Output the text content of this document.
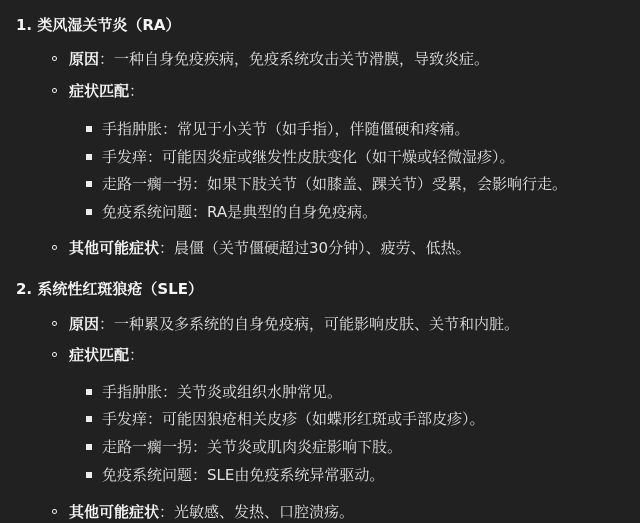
1. 类风湿关节炎（RA）
原因：一种自身免疫疾病，免疫系统攻击关节滑膜，导致炎症。
症状匹配：
手指肿胀：常见于小关节（如手指），伴随僵硬和疼痛。
手发痒：可能因炎症或继发性皮肤变化（如干燥或轻微湿疹）。
走路一瘸一拐：如果下肢关节（如膝盖、踝关节）受累，会影响行走。
免疫系统问题：RA是典型的自身免疫病。
其他可能症状：晨僵（关节僵硬超过30分钟）、疲劳、低热。
2. 系统性红斑狼疮（SLE）
原因：一种累及多系统的自身免疫病，可能影响皮肤、关节和内脏。
症状匹配：
手指肿胀：关节炎或组织水肿常见。
手发痒：可能因狼疮相关皮疹（如蝶形红斑或手部皮疹）。
走路一瘸一拐：关节炎或肌肉炎症影响下肢。
免疫系统问题：SLE由免疫系统异常驱动。
其他可能症状：光敏感、发热、口腔溃疡。
